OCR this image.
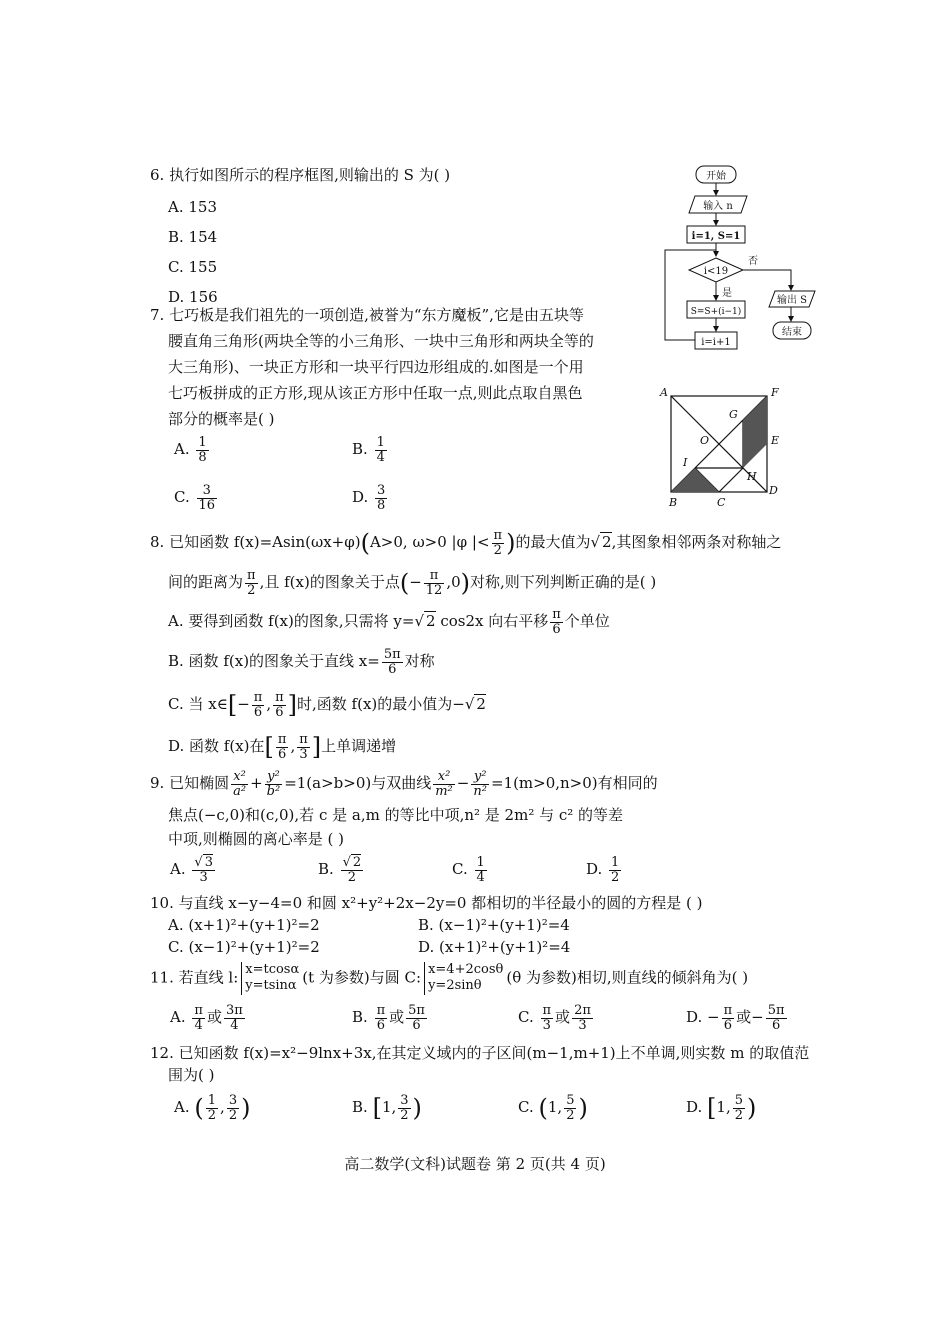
6. 执行如图所示的程序框图,则输出的 S 为( )
A. 153
B. 154
C. 155
D. 156
开始
输入 n
i=1, S=1
i<19
是
否
S=S+(i−1)
i=i+1
输出 S
结束
7. 七巧板是我们祖先的一项创造,被誉为“东方魔板”,它是由五块等
腰直角三角形(两块全等的小三角形、一块中三角形和两块全等的
大三角形)、一块正方形和一块平行四边形组成的.如图是一个用
七巧板拼成的正方形,现从该正方形中任取一点,则此点取自黑色
部分的概率是( )
A. $\frac{1}{8}$	B. $\frac{1}{4}$
C. $\frac{3}{16}$	D. $\frac{3}{8}$
A	F
G
O	E
I
H
B	C
D
8. 已知函数 f(x)=Asin(ωx+φ)(A>0, ω>0 |φ |< $\frac{\pi}{2}$ )的最大值为√ 2,其图象相邻两条对称轴之
间的距离为 $\frac{\pi}{2}$ ,且 f(x)的图象关于点(− $\frac{\pi}{12} ,0$)对称,则下列判断正确的是( )
A. 要得到函数 f(x)的图象,只需将 y=√ 2 cos2x 向右平移 $\frac{\pi}{6}$ 个单位
B. 函数 f(x)的图象关于直线 $x= \frac{5\pi}{6}$ 对称
C. 当 x∈[− $\frac{\pi}{6}$ , $\frac{\pi}{6}$ ]时,函数 f(x)的最小值为−√ 2
D. 函数 f(x)在[ $\frac{\pi}{6}$ , $\frac{\pi}{3}$ ]上单调递增
9. 已知椭圆 $\frac{\text{x²}}{\text{a²}} + \frac{\text{y²}}{\text{b²}} =1(a>b>0)$与双曲线 $\frac{\text{x²}}{\text{m²}} - \frac{\text{y²}}{\text{n²}} =1(m>0,n>0)$有相同的
焦点(−c,0)和(c,0),若 c 是 a,m 的等比中项,n² 是 2m² 与 c² 的等差
中项,则椭圆的离心率是 ( )
A. $\frac{√ 3}{3}$	B. $\frac{√ 2}{2}$	C. $\frac{1}{4}$	D. $\frac{1}{2}$
10. 与直线 x−y−4=0 和圆 x²+y²+2x−2y=0 都相切的半径最小的圆的方程是 ( )
A. (x+1)²+(y+1)²=2	B. (x−1)²+(y+1)²=4
C. (x−1)²+(y+1)²=2	D. (x+1)²+(y+1)²=4
11. 若直线 l: x=tcosα
y=tsinα (t 为参数)与圆 C: x=4+2cosθ
y=2sinθ (θ 为参数)相切,则直线的倾斜角为( )
A. $\frac{\pi}{4}$ 或 $\frac{3\pi}{4}$	B. $\frac{\pi}{6}$ 或 $\frac{5\pi}{6}$	C. $\frac{\pi}{3}$ 或 $\frac{2\pi}{3}$	D. − $\frac{\pi}{6}$ 或− $\frac{5\pi}{6}$
12. 已知函数 f(x)=x²−9lnx+3x,在其定义域内的子区间(m−1,m+1)上不单调,则实数 m 的取值范
围为( )
A. ( $\frac{1}{2}$ , $\frac{3}{2}$ )	B. [1, $\frac{3}{2}$ )	C. (1, $\frac{5}{2}$ )	D. [1, $\frac{5}{2}$ )
高二数学(文科)试题卷 第 2 页(共 4 页)
